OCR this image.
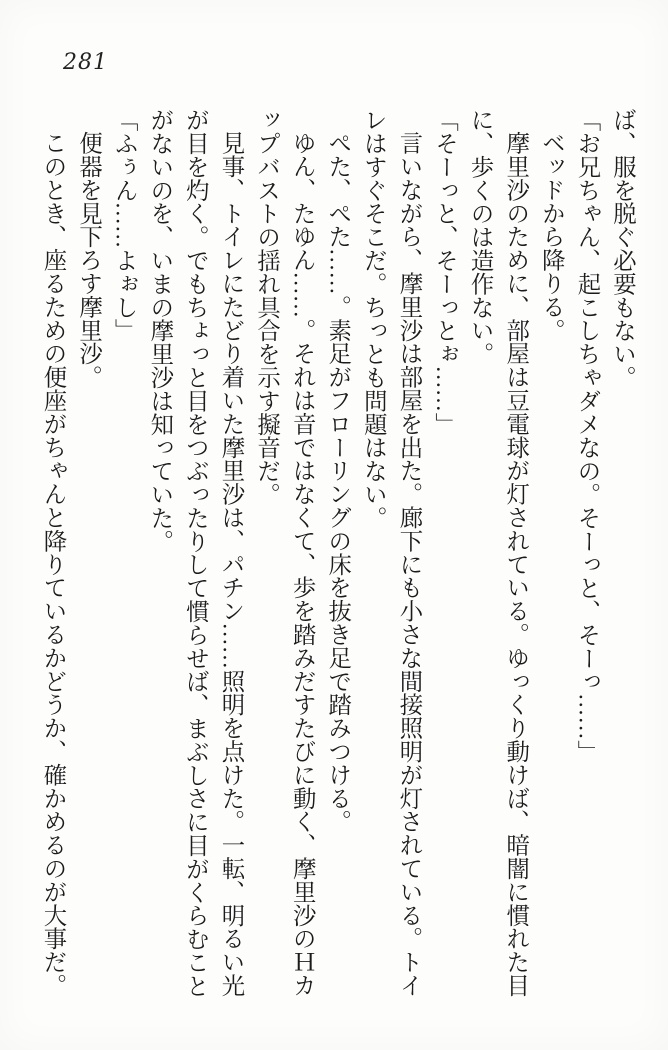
281

ば、服を脱ぐ必要もない。

「お兄ちゃん、起こしちゃダメなの。そーっと、そーっ……」

ベッドから降りる。

摩里沙のために、部屋は豆電球が灯されている。ゆっくり動けば、暗闇に慣れた目に、歩くのは造作ない。

「そーっと、そーっとぉ……」

言いながら、摩里沙は部屋を出た。廊下にも小さな間接照明が灯されている。トイレはすぐそこだ。ちっとも問題はない。

ぺた、ぺた……。素足がフローリングの床を抜き足で踏みつける。

ゆん、たゆん……。それは音ではなくて、歩を踏みだすたびに動く、摩里沙のＨカップバストの揺れ具合を示す擬音だ。

見事、トイレにたどり着いた摩里沙は、パチン……照明を点けた。一転、明るい光が目を灼く。でもちょっと目をつぶったりして慣らせば、まぶしさに目がくらむことがないのを、いまの摩里沙は知っていた。

「ふぅん……よぉし」

便器を見下ろす摩里沙。

このとき、座るための便座がちゃんと降りているかどうか、確かめるのが大事だ。
